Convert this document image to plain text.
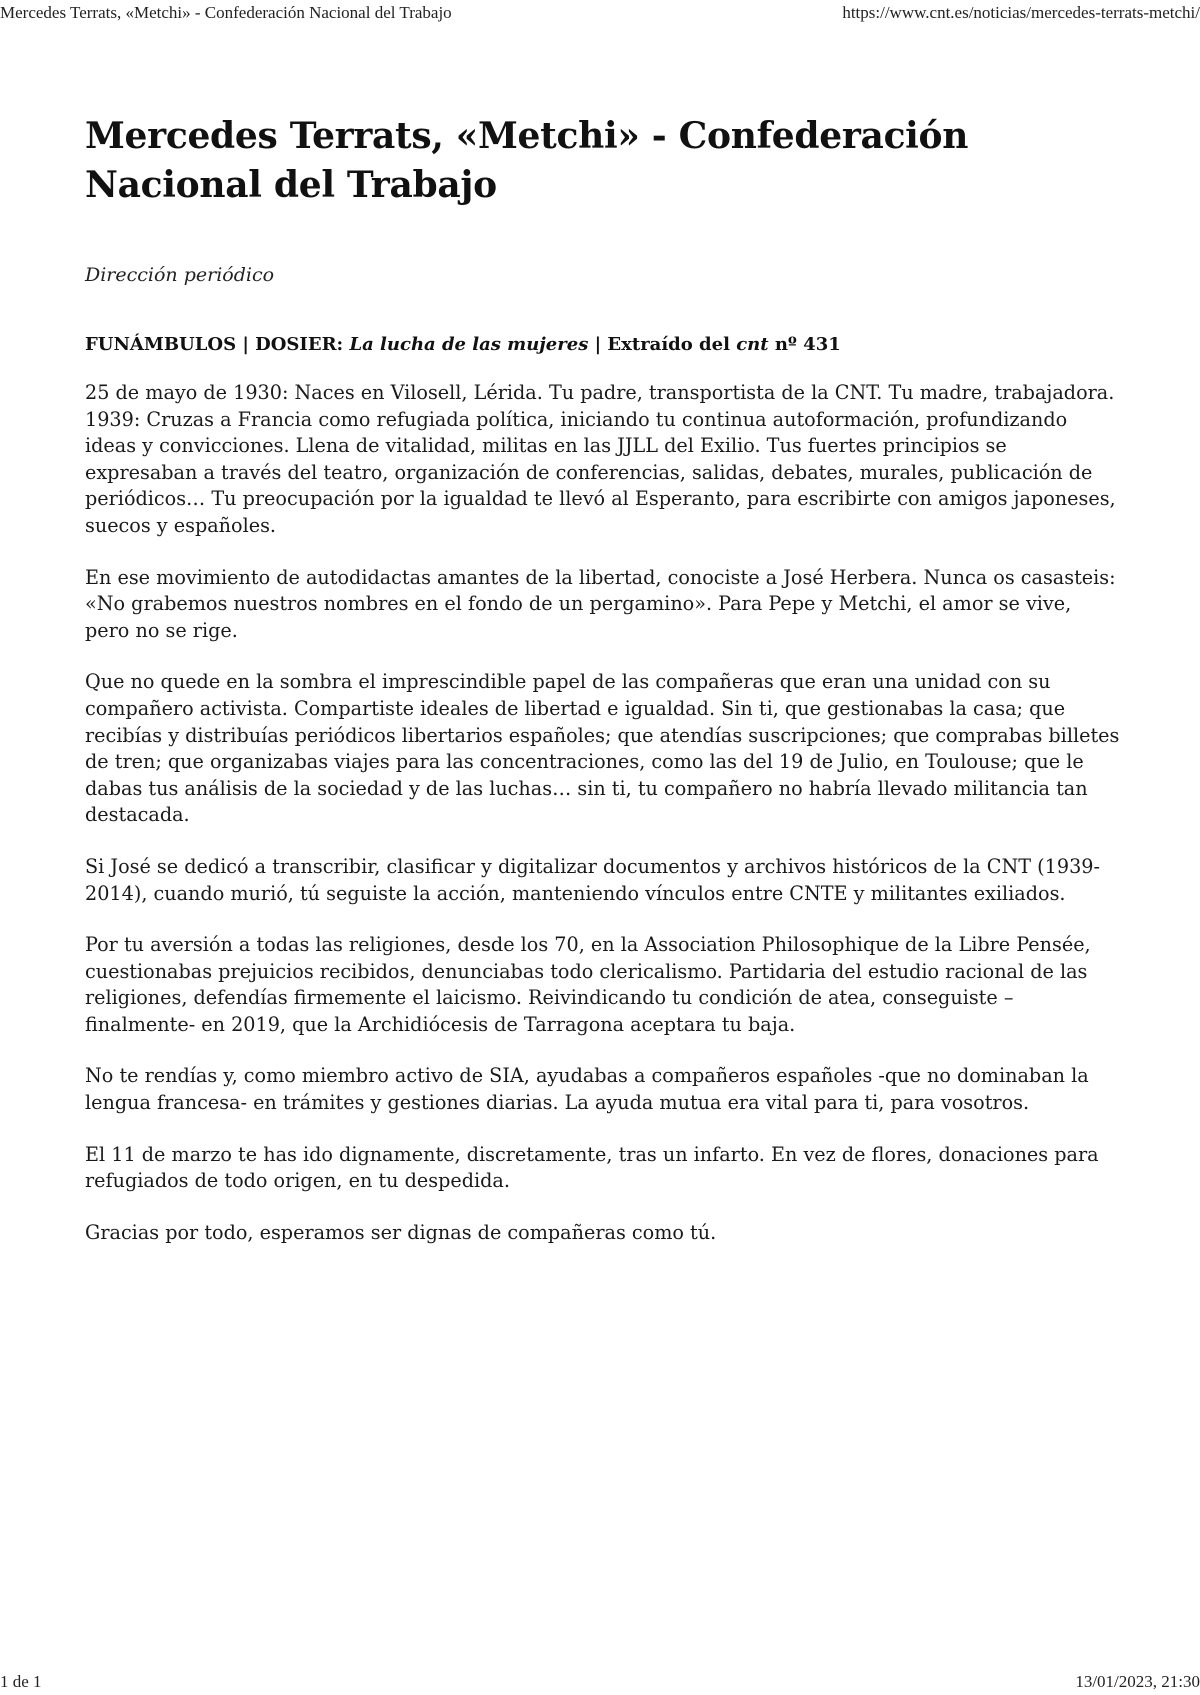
Mercedes Terrats, «Metchi» - Confederación Nacional del Trabajo	https://www.cnt.es/noticias/mercedes-terrats-metchi/
Mercedes Terrats, «Metchi» - Confederación Nacional del Trabajo

Dirección periódico

FUNÁMBULOS | DOSIER: La lucha de las mujeres | Extraído del cnt nº 431

25 de mayo de 1930: Naces en Vilosell, Lérida. Tu padre, transportista de la CNT. Tu madre, trabajadora. 1939: Cruzas a Francia como refugiada política, iniciando tu continua autoformación, profundizando ideas y convicciones. Llena de vitalidad, militas en las JJLL del Exilio. Tus fuertes principios se expresaban a través del teatro, organización de conferencias, salidas, debates, murales, publicación de periódicos… Tu preocupación por la igualdad te llevó al Esperanto, para escribirte con amigos japoneses, suecos y españoles.

En ese movimiento de autodidactas amantes de la libertad, conociste a José Herbera. Nunca os casasteis: «No grabemos nuestros nombres en el fondo de un pergamino». Para Pepe y Metchi, el amor se vive, pero no se rige.

Que no quede en la sombra el imprescindible papel de las compañeras que eran una unidad con su compañero activista. Compartiste ideales de libertad e igualdad. Sin ti, que gestionabas la casa; que recibías y distribuías periódicos libertarios españoles; que atendías suscripciones; que comprabas billetes de tren; que organizabas viajes para las concentraciones, como las del 19 de Julio, en Toulouse; que le dabas tus análisis de la sociedad y de las luchas… sin ti, tu compañero no habría llevado militancia tan destacada.

Si José se dedicó a transcribir, clasificar y digitalizar documentos y archivos históricos de la CNT (1939-2014), cuando murió, tú seguiste la acción, manteniendo vínculos entre CNTE y militantes exiliados.

Por tu aversión a todas las religiones, desde los 70, en la Association Philosophique de la Libre Pensée, cuestionabas prejuicios recibidos, denunciabas todo clericalismo. Partidaria del estudio racional de las religiones, defendías firmemente el laicismo. Reivindicando tu condición de atea, conseguiste –finalmente- en 2019, que la Archidiócesis de Tarragona aceptara tu baja.

No te rendías y, como miembro activo de SIA, ayudabas a compañeros españoles -que no dominaban la lengua francesa- en trámites y gestiones diarias. La ayuda mutua era vital para ti, para vosotros.

El 11 de marzo te has ido dignamente, discretamente, tras un infarto. En vez de flores, donaciones para refugiados de todo origen, en tu despedida.

Gracias por todo, esperamos ser dignas de compañeras como tú.

1 de 1	13/01/2023, 21:30
